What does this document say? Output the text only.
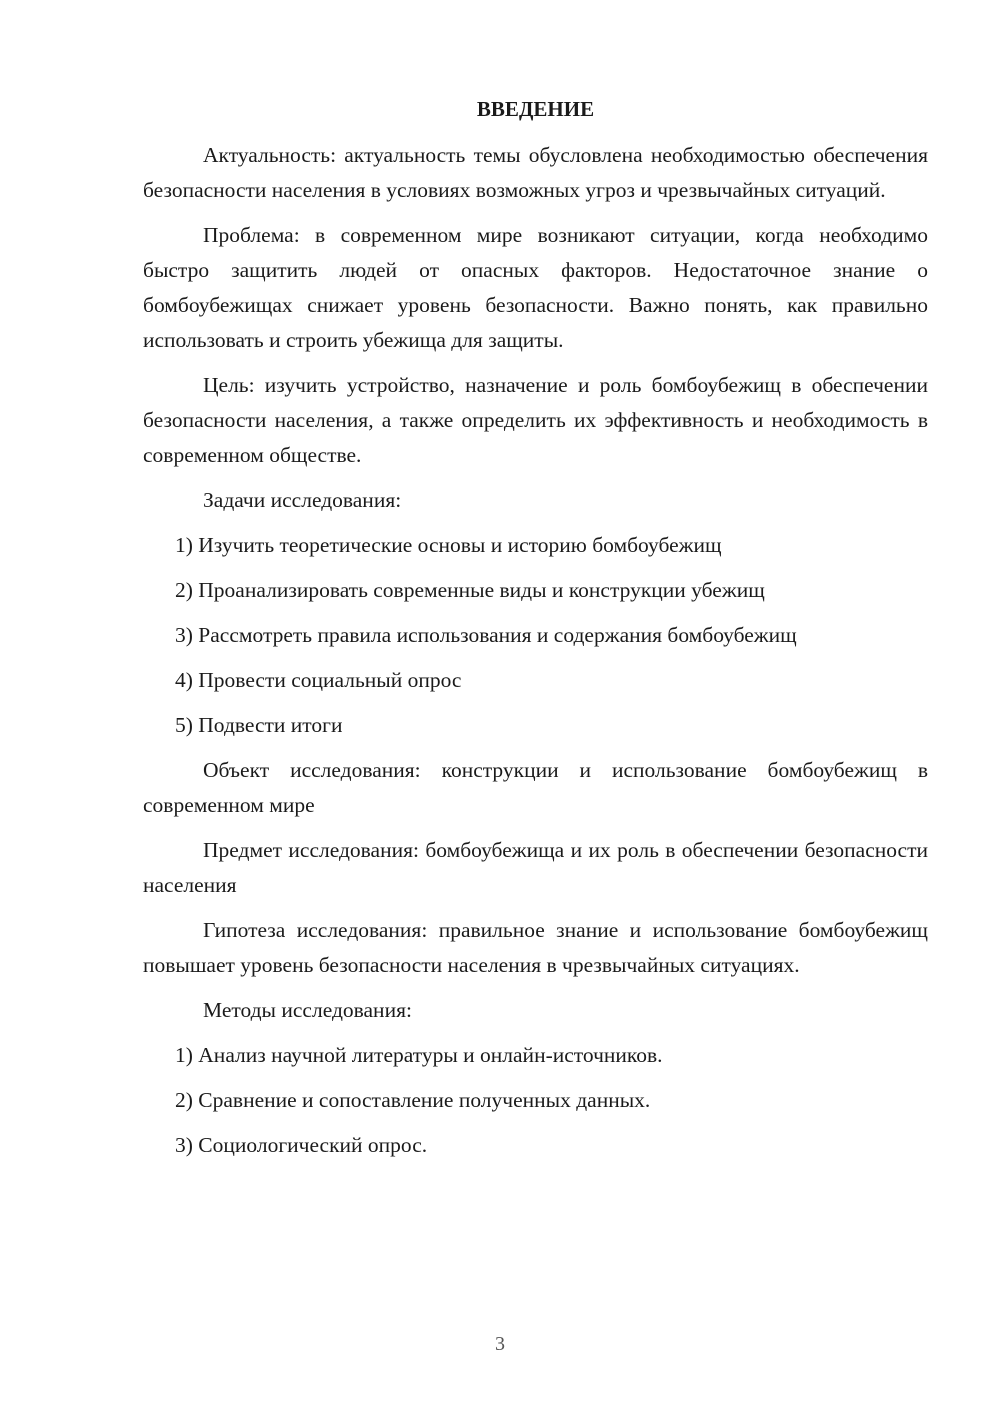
ВВЕДЕНИЕ

Актуальность: актуальность темы обусловлена необходимостью обеспечения безопасности населения в условиях возможных угроз и чрезвычайных ситуаций.

Проблема: в современном мире возникают ситуации, когда необходимо быстро защитить людей от опасных факторов. Недостаточное знание о бомбоубежищах снижает уровень безопасности. Важно понять, как правильно использовать и строить убежища для защиты.

Цель: изучить устройство, назначение и роль бомбоубежищ в обеспечении безопасности населения, а также определить их эффективность и необходимость в современном обществе.

Задачи исследования:

1) Изучить теоретические основы и историю бомбоубежищ

2) Проанализировать современные виды и конструкции убежищ

3) Рассмотреть правила использования и содержания бомбоубежищ

4) Провести социальный опрос

5) Подвести итоги

Объект исследования: конструкции и использование бомбоубежищ в современном мире

Предмет исследования: бомбоубежища и их роль в обеспечении безопасности населения

Гипотеза исследования: правильное знание и использование бомбоубежищ повышает уровень безопасности населения в чрезвычайных ситуациях.

Методы исследования:

1) Анализ научной литературы и онлайн-источников.

2) Сравнение и сопоставление полученных данных.

3) Социологический опрос.

3
